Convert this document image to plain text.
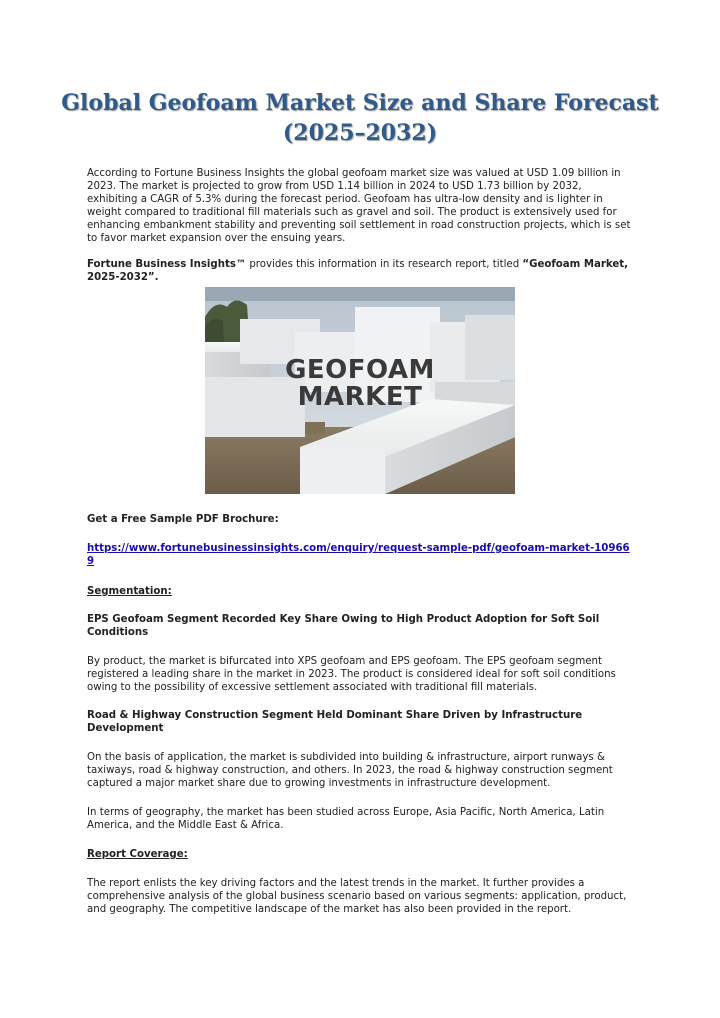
Global Geofoam Market Size and Share Forecast
(2025–2032)

According to Fortune Business Insights the global geofoam market size was valued at USD 1.09 billion in 2023. The market is projected to grow from USD 1.14 billion in 2024 to USD 1.73 billion by 2032, exhibiting a CAGR of 5.3% during the forecast period. Geofoam has ultra-low density and is lighter in weight compared to traditional fill materials such as gravel and soil. The product is extensively used for enhancing embankment stability and preventing soil settlement in road construction projects, which is set to favor market expansion over the ensuing years.

Fortune Business Insights™ provides this information in its research report, titled “Geofoam Market, 2025-2032”.

GEOFOAM
MARKET

Get a Free Sample PDF Brochure:

https://www.fortunebusinessinsights.com/enquiry/request-sample-pdf/geofoam-market-109669

Segmentation:

EPS Geofoam Segment Recorded Key Share Owing to High Product Adoption for Soft Soil Conditions

By product, the market is bifurcated into XPS geofoam and EPS geofoam. The EPS geofoam segment registered a leading share in the market in 2023. The product is considered ideal for soft soil conditions owing to the possibility of excessive settlement associated with traditional fill materials.

Road & Highway Construction Segment Held Dominant Share Driven by Infrastructure Development

On the basis of application, the market is subdivided into building & infrastructure, airport runways & taxiways, road & highway construction, and others. In 2023, the road & highway construction segment captured a major market share due to growing investments in infrastructure development.

In terms of geography, the market has been studied across Europe, Asia Pacific, North America, Latin America, and the Middle East & Africa.

Report Coverage:

The report enlists the key driving factors and the latest trends in the market. It further provides a comprehensive analysis of the global business scenario based on various segments: application, product, and geography. The competitive landscape of the market has also been provided in the report.
